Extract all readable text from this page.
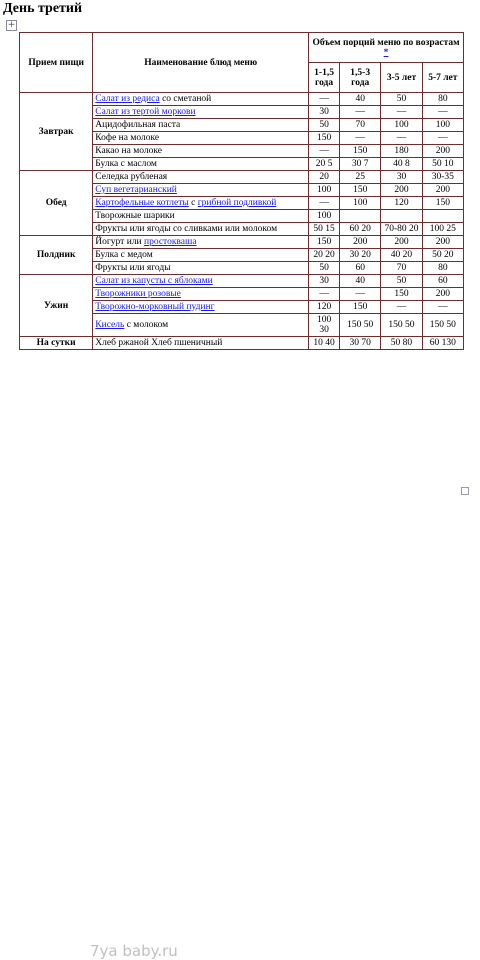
День третий
+
Прием пищи	Наименование блюд меню	Объем порций меню по возрастам *			
		1-1,5 года	1,5-3 года	3-5 лет	5-7 лет
Завтрак	Салат из редиса со сметаной	—	40	50	80
	Салат из тертой моркови	30	—	—	—
	Ацидофильная паста	50	70	100	100
	Кофе на молоке	150	—	—	—
	Какао на молоке	—	150	180	200
	Булка с маслом	20 5	30 7	40 8	50 10
Обед	Селедка рубленая	20	25	30	30-35
	Суп вегетарианский	100	150	200	200
	Картофельные котлеты с грибной подливкой	—	100	120	150
	Творожные шарики	100			
	Фрукты или ягоды со сливками или молоком	50 15	60 20	70-80 20	100 25
Полдник	Йогурт или простокваша	150	200	200	200
	Булка с медом	20 20	30 20	40 20	50 20
	Фрукты или ягоды	50	60	70	80
Ужин	Салат из капусты с яблоками	30	40	50	60
	Творожники розовые	—	—	150	200
	Творожно-морковный пудинг	120	150	—	—
	Кисель с молоком	100 30	150 50	150 50	150 50
На сутки	Хлеб ржаной Хлеб пшеничный	10 40	30 70	50 80	60 130
7ya baby.ru
